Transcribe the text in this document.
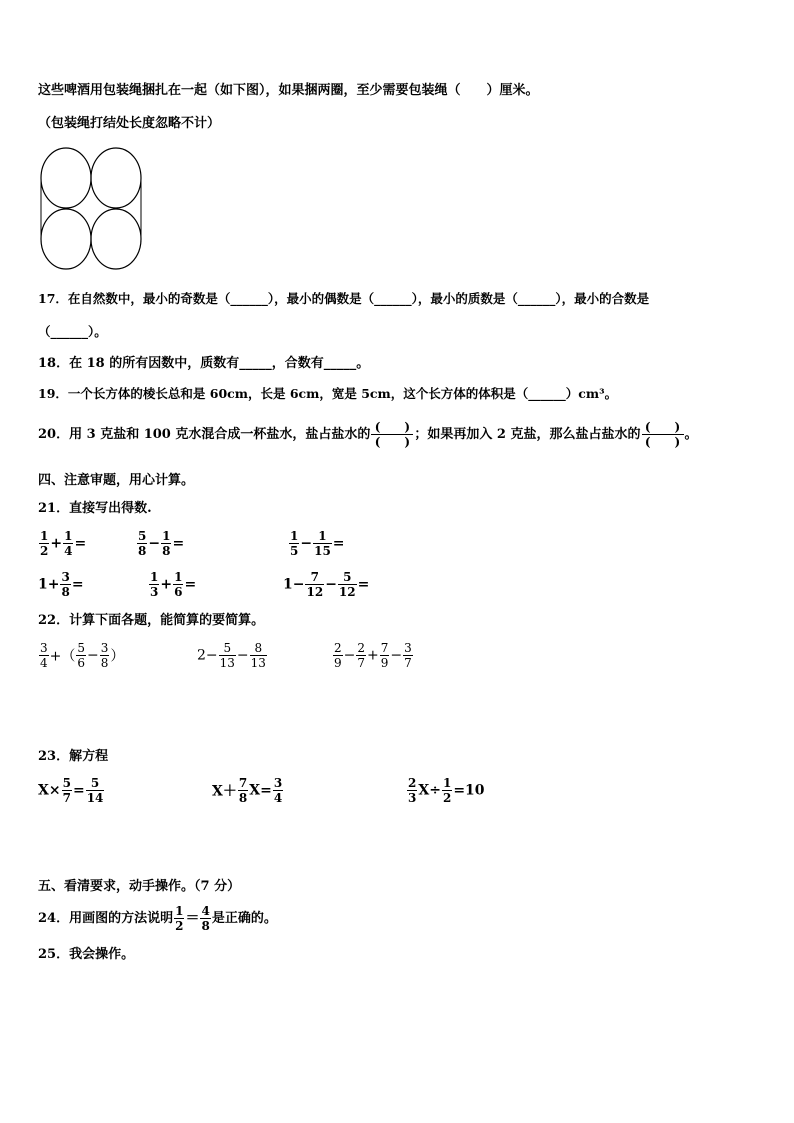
这些啤酒用包装绳捆扎在一起（如下图），如果捆两圈，至少需要包装绳（　　）厘米。
（包装绳打结处长度忽略不计）
17．在自然数中，最小的奇数是（______），最小的偶数是（______），最小的质数是（______），最小的合数是
（______）。
18．在 18 的所有因数中，质数有_____，合数有_____。
19．一个长方体的棱长总和是 60cm，长是 6cm，宽是 5cm，这个长方体的体积是（______）cm³。
20．用 3 克盐和 100 克水混合成一杯盐水，盐占盐水的 $\frac{( )}{( )}$ ；如果再加入 2 克盐，那么盐占盐水的 $\frac{( )}{( )}$ 。
四、注意审题，用心计算。
21．直接写出得数.
$\frac{1}{2} + \frac{1}{4}$ =	$\frac{5}{8} - \frac{1}{8}$ =	$\frac{1}{5} - \frac{1}{15}$ =
$1+ \frac{3}{8}$ =	$\frac{1}{3} + \frac{1}{6}$ =	$1- \frac{7}{12} - \frac{5}{12}$ =
22．计算下面各题，能简算的要简算。
$\frac{3}{4}$ +（ $\frac{5}{6} - \frac{3}{8}$ ）	$2- \frac{5}{13} - \frac{8}{13}$	$\frac{2}{9} - \frac{2}{7} + \frac{7}{9} - \frac{3}{7}$
23．解方程
$X\times \frac{5}{7} = \frac{5}{14}$	$X+ \frac{7}{8} X= \frac{3}{4}$	$\frac{2}{3} X\div \frac{1}{2} =10$
五、看清要求，动手操作。（7 分）
24．用画图的方法说明 $\frac{1}{2} = \frac{4}{8}$ 是正确的。
25．我会操作。
